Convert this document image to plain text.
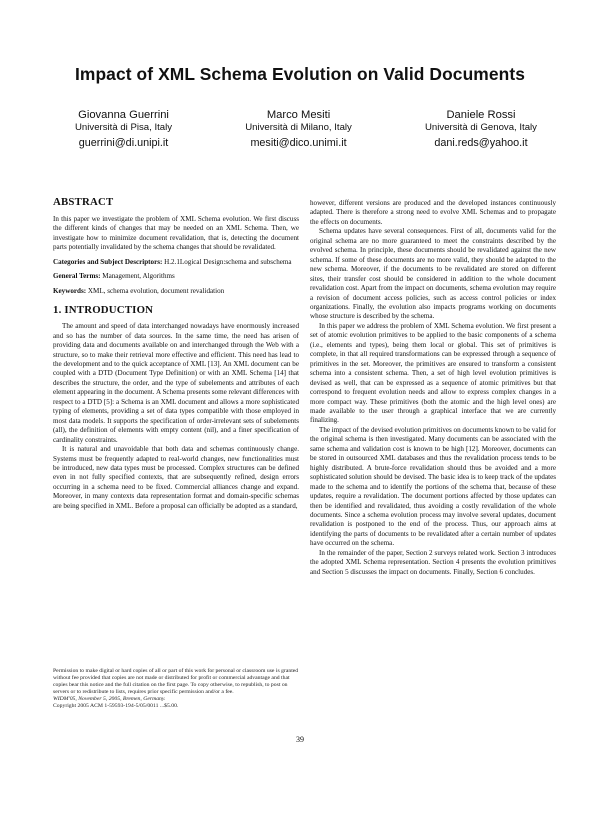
Impact of XML Schema Evolution on Valid Documents
Giovanna Guerrini
Università di Pisa, Italy
guerrini@di.unipi.it
Marco Mesiti
Università di Milano, Italy
mesiti@dico.unimi.it
Daniele Rossi
Università di Genova, Italy
dani.reds@yahoo.it
ABSTRACT

In this paper we investigate the problem of XML Schema evolution. We first discuss the different kinds of changes that may be needed on an XML Schema. Then, we investigate how to minimize document revalidation, that is, detecting the document parts potentially invalidated by the schema changes that should be revalidated.

Categories and Subject Descriptors: H.2.1Logical Design:schema and subschema

General Terms: Management, Algorithms

Keywords: XML, schema evolution, document revalidation

1. INTRODUCTION

The amount and speed of data interchanged nowadays have enormously increased and so has the number of data sources. In the same time, the need has arisen of providing data and documents available on and interchanged through the Web with a structure, so to make their retrieval more effective and efficient. This need has lead to the development and to the quick acceptance of XML [13]. An XML document can be coupled with a DTD (Document Type Definition) or with an XML Schema [14] that describes the structure, the order, and the type of subelements and attributes of each element appearing in the document. A Schema presents some relevant differences with respect to a DTD [5]: a Schema is an XML document and allows a more sophisticated typing of elements, providing a set of data types compatible with those employed in most data models. It supports the specification of order-irrelevant sets of subelements (all), the definition of elements with empty content (nil), and a finer specification of cardinality constraints.

It is natural and unavoidable that both data and schemas continuously change. Systems must be frequently adapted to real-world changes, new functionalities must be introduced, new data types must be processed. Complex structures can be defined even in not fully specified contexts, that are subsequently refined, design errors occurring in a schema need to be fixed. Commercial alliances change and expand. Moreover, in many contexts data representation format and domain-specific schemas are being specified in XML. Before a proposal can officially be adopted as a standard,

however, different versions are produced and the developed instances continuously adapted. There is therefore a strong need to evolve XML Schemas and to propagate the effects on documents.

Schema updates have several consequences. First of all, documents valid for the original schema are no more guaranteed to meet the constraints described by the evolved schema. In principle, these documents should be revalidated against the new schema. If some of these documents are no more valid, they should be adapted to the new schema. Moreover, if the documents to be revalidated are stored on different sites, their transfer cost should be considered in addition to the whole document revalidation cost. Apart from the impact on documents, schema evolution may require a revision of document access policies, such as access control policies or index organizations. Finally, the evolution also impacts programs working on documents whose structure is described by the schema.

In this paper we address the problem of XML Schema evolution. We first present a set of atomic evolution primitives to be applied to the basic components of a schema (i.e., elements and types), being them local or global. This set of primitives is complete, in that all required transformations can be expressed through a sequence of primitives in the set. Moreover, the primitives are ensured to transform a consistent schema into a consistent schema. Then, a set of high level evolution primitives is devised as well, that can be expressed as a sequence of atomic primitives but that correspond to frequent evolution needs and allow to express complex changes in a more compact way. These primitives (both the atomic and the high level ones) are made available to the user through a graphical interface that we are currently finalizing.

The impact of the devised evolution primitives on documents known to be valid for the original schema is then investigated. Many documents can be associated with the same schema and validation cost is known to be high [12]. Moreover, documents can be stored in outsourced XML databases and thus the revalidation process tends to be highly distributed. A brute-force revalidation should thus be avoided and a more sophisticated solution should be devised. The basic idea is to keep track of the updates made to the schema and to identify the portions of the schema that, because of these updates, require a revalidation. The document portions affected by those updates can then be identified and revalidated, thus avoiding a costly revalidation of the whole documents. Since a schema evolution process may involve several updates, document revalidation is postponed to the end of the process. Thus, our approach aims at identifying the parts of documents to be revalidated after a certain number of updates have occurred on the schema.

In the remainder of the paper, Section 2 surveys related work. Section 3 introduces the adopted XML Schema representation. Section 4 presents the evolution primitives and Section 5 discusses the impact on documents. Finally, Section 6 concludes.

Permission to make digital or hard copies of all or part of this work for personal or classroom use is granted without fee provided that copies are not made or distributed for profit or commercial advantage and that copies bear this notice and the full citation on the first page. To copy otherwise, to republish, to post on servers or to redistribute to lists, requires prior specific permission and/or a fee.
WIDM'05, November 5, 2005, Bremen, Germany.
Copyright 2005 ACM 1-59593-194-5/05/0011 ...$5.00.
39
